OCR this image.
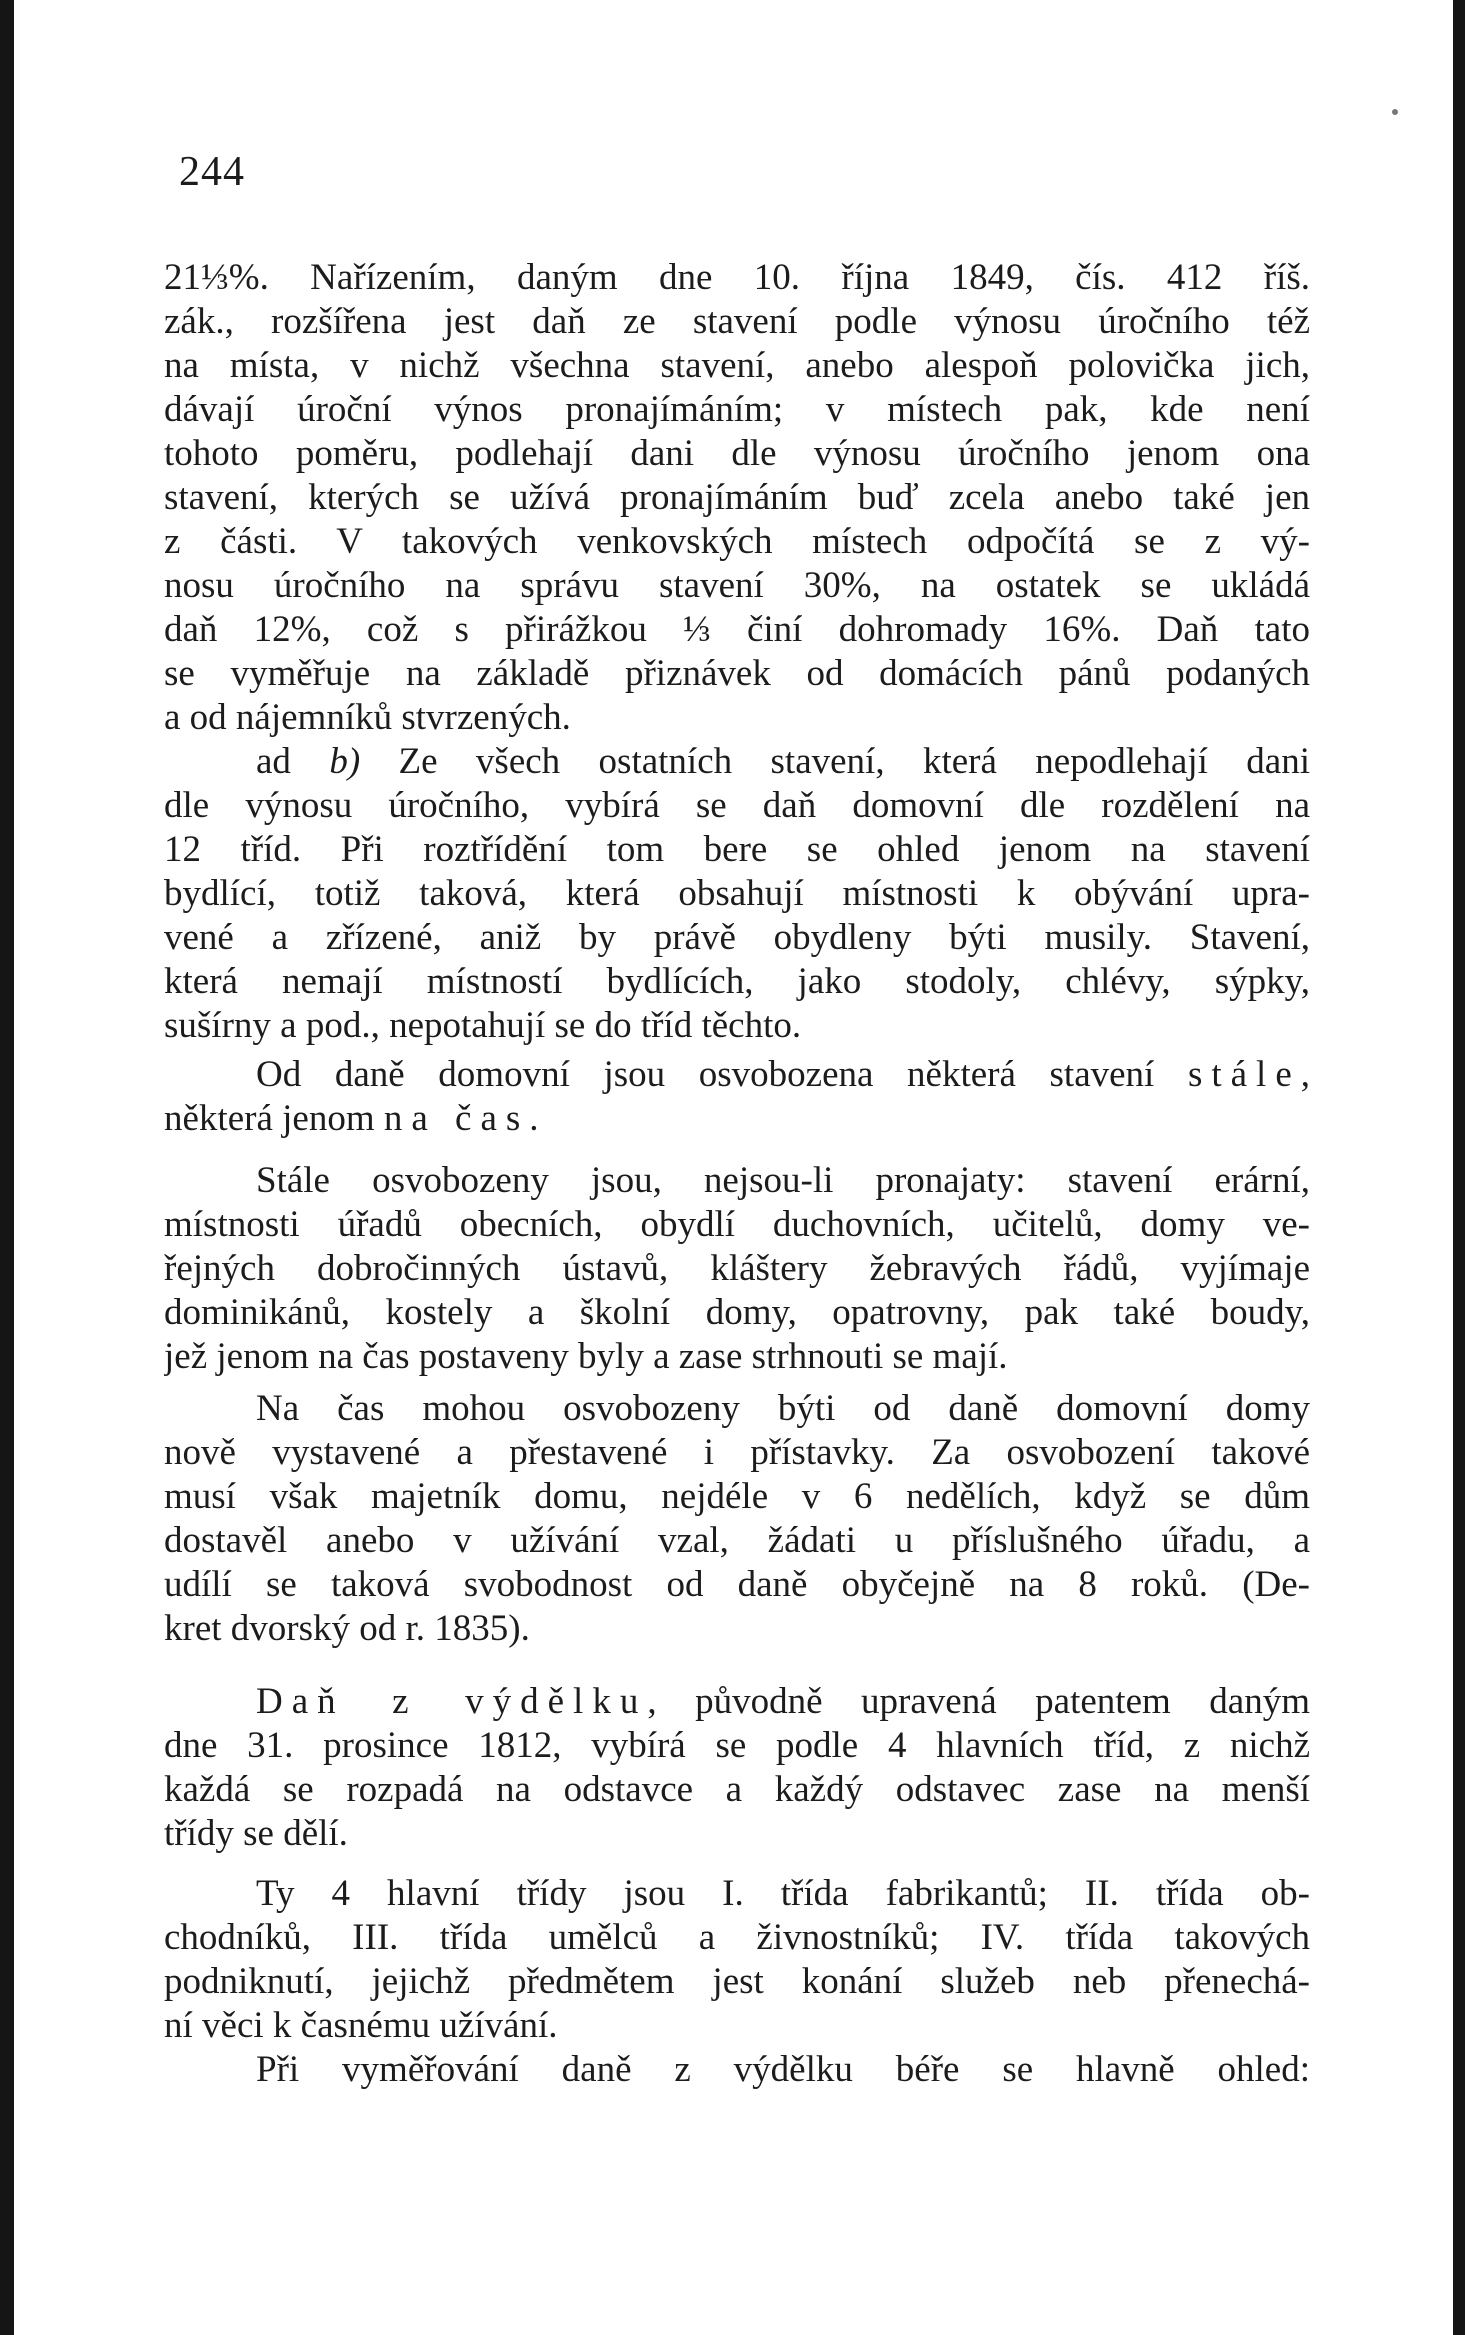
244
21⅓%. Nařízením, daným dne 10. října 1849, čís. 412 říš.
zák., rozšířena jest daň ze stavení podle výnosu úročního též
na místa, v nichž všechna stavení, anebo alespoň polovička jich,
dávají úroční výnos pronajímáním; v místech pak, kde není
tohoto poměru, podlehají dani dle výnosu úročního jenom ona
stavení, kterých se užívá pronajímáním buď zcela anebo také jen
z části. V takových venkovských místech odpočítá se z vý-
nosu úročního na správu stavení 30%, na ostatek se ukládá
daň 12%, což s přirážkou ⅓ činí dohromady 16%. Daň tato
se vyměřuje na základě přiznávek od domácích pánů podaných
a od nájemníků stvrzených.
ad b) Ze všech ostatních stavení, která nepodlehají dani
dle výnosu úročního, vybírá se daň domovní dle rozdělení na
12 tříd. Při roztřídění tom bere se ohled jenom na stavení
bydlící, totiž taková, která obsahují místnosti k obývání upra-
vené a zřízené, aniž by právě obydleny býti musily. Stavení,
která nemají místností bydlících, jako stodoly, chlévy, sýpky,
sušírny a pod., nepotahují se do tříd těchto.
Od daně domovní jsou osvobozena některá stavení stále,
některá jenom na čas.
Stále osvobozeny jsou, nejsou-li pronajaty: stavení erární,
místnosti úřadů obecních, obydlí duchovních, učitelů, domy ve-
řejných dobročinných ústavů, kláštery žebravých řádů, vyjímaje
dominikánů, kostely a školní domy, opatrovny, pak také boudy,
jež jenom na čas postaveny byly a zase strhnouti se mají.
Na čas mohou osvobozeny býti od daně domovní domy
nově vystavené a přestavené i přístavky. Za osvobození takové
musí však majetník domu, nejdéle v 6 nedělích, když se dům
dostavěl anebo v užívání vzal, žádati u příslušného úřadu, a
udílí se taková svobodnost od daně obyčejně na 8 roků. (De-
kret dvorský od r. 1835).
Daň z výdělku, původně upravená patentem daným
dne 31. prosince 1812, vybírá se podle 4 hlavních tříd, z nichž
každá se rozpadá na odstavce a každý odstavec zase na menší
třídy se dělí.
Ty 4 hlavní třídy jsou I. třída fabrikantů; II. třída ob-
chodníků, III. třída umělců a živnostníků; IV. třída takových
podniknutí, jejichž předmětem jest konání služeb neb přenechá-
ní věci k časnému užívání.
Při vyměřování daně z výdělku béře se hlavně ohled:
